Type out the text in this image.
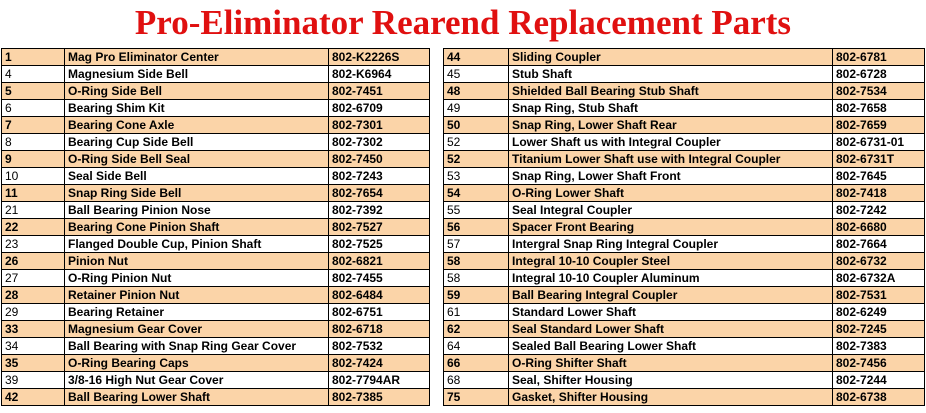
Pro-Eliminator Rearend Replacement Parts
1	Mag Pro Eliminator Center	802-K2226S
4	Magnesium Side Bell	802-K6964
5	O-Ring Side Bell	802-7451
6	Bearing Shim Kit	802-6709
7	Bearing Cone Axle	802-7301
8	Bearing Cup Side Bell	802-7302
9	O-Ring Side Bell Seal	802-7450
10	Seal Side Bell	802-7243
11	Snap Ring Side Bell	802-7654
21	Ball Bearing Pinion Nose	802-7392
22	Bearing Cone Pinion Shaft	802-7527
23	Flanged Double Cup, Pinion Shaft	802-7525
26	Pinion Nut	802-6821
27	O-Ring Pinion Nut	802-7455
28	Retainer Pinion Nut	802-6484
29	Bearing Retainer	802-6751
33	Magnesium Gear Cover	802-6718
34	Ball Bearing with Snap Ring Gear Cover	802-7532
35	O-Ring Bearing Caps	802-7424
39	3/8-16 High Nut Gear Cover	802-7794AR
42	Ball Bearing Lower Shaft	802-7385
44	Sliding Coupler	802-6781
45	Stub Shaft	802-6728
48	Shielded Ball Bearing Stub Shaft	802-7534
49	Snap Ring, Stub Shaft	802-7658
50	Snap Ring, Lower Shaft Rear	802-7659
52	Lower Shaft us with Integral Coupler	802-6731-01
52	Titanium Lower Shaft use with Integral Coupler	802-6731T
53	Snap Ring, Lower Shaft Front	802-7645
54	O-Ring Lower Shaft	802-7418
55	Seal Integral Coupler	802-7242
56	Spacer Front Bearing	802-6680
57	Intergral Snap Ring Integral Coupler	802-7664
58	Integral 10-10 Coupler Steel	802-6732
58	Integral 10-10 Coupler Aluminum	802-6732A
59	Ball Bearing Integral Coupler	802-7531
61	Standard Lower Shaft	802-6249
62	Seal Standard Lower Shaft	802-7245
64	Sealed Ball Bearing Lower Shaft	802-7383
66	O-Ring Shifter Shaft	802-7456
68	Seal, Shifter Housing	802-7244
75	Gasket, Shifter Housing	802-6738
